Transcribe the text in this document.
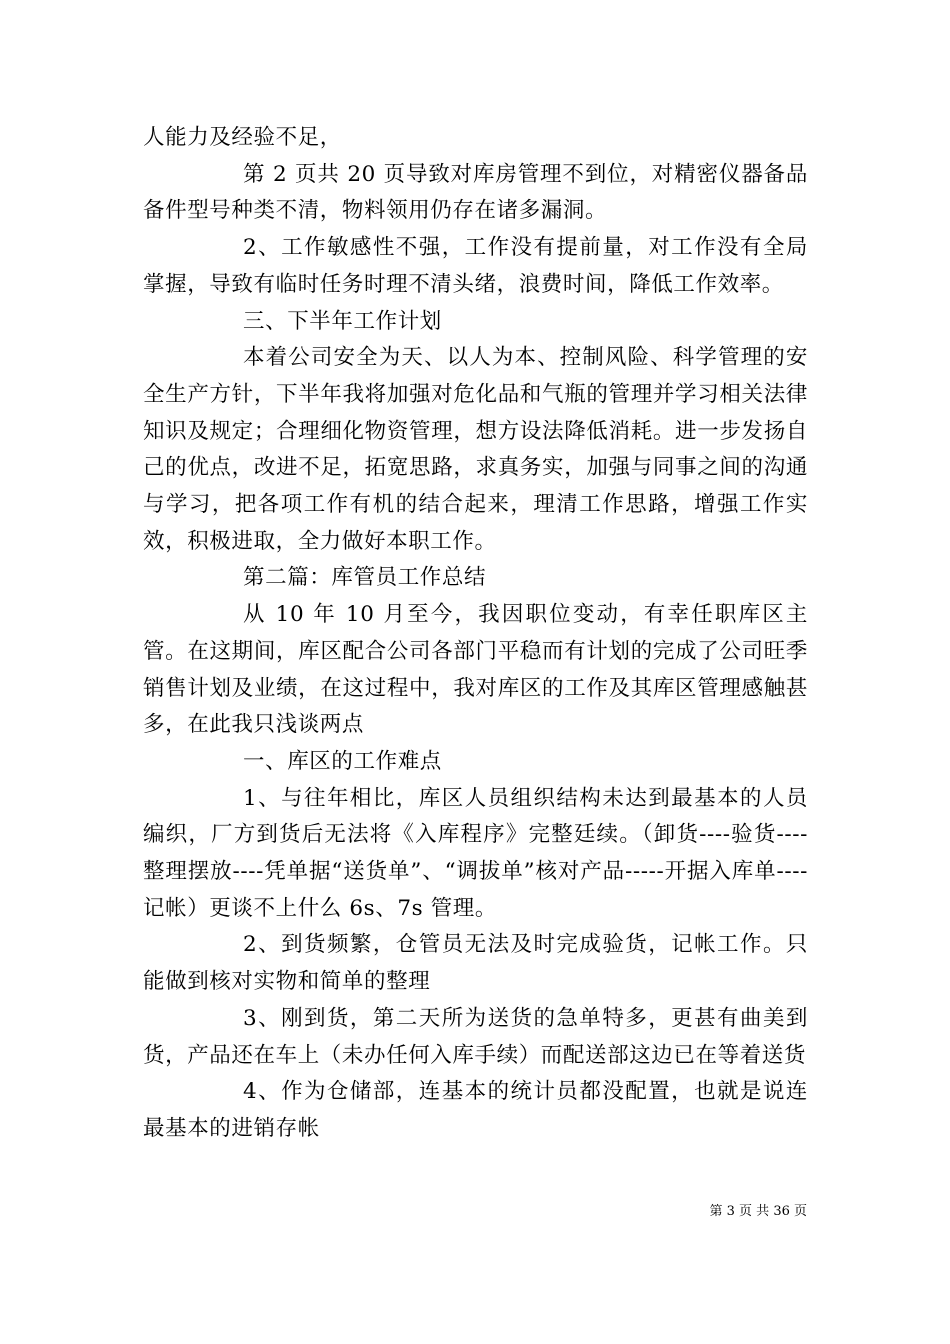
人能力及经验不足，

第 2 页共 20 页导致对库房管理不到位，对精密仪器备品备件型号种类不清，物料领用仍存在诸多漏洞。

2、工作敏感性不强，工作没有提前量，对工作没有全局掌握，导致有临时任务时理不清头绪，浪费时间，降低工作效率。

三、下半年工作计划

本着公司安全为天、以人为本、控制风险、科学管理的安全生产方针，下半年我将加强对危化品和气瓶的管理并学习相关法律知识及规定；合理细化物资管理，想方设法降低消耗。进一步发扬自己的优点，改进不足，拓宽思路，求真务实，加强与同事之间的沟通与学习，把各项工作有机的结合起来，理清工作思路，增强工作实效，积极进取，全力做好本职工作。

第二篇：库管员工作总结

从 10 年 10 月至今，我因职位变动，有幸任职库区主管。在这期间，库区配合公司各部门平稳而有计划的完成了公司旺季销售计划及业绩，在这过程中，我对库区的工作及其库区管理感触甚多，在此我只浅谈两点

一、库区的工作难点

1、与往年相比，库区人员组织结构未达到最基本的人员编织，厂方到货后无法将《入库程序》完整廷续。（卸货----验货----整理摆放----凭单据“送货单”、“调拔单”核对产品-----开据入库单----记帐）更谈不上什么 6s、7s 管理。

2、到货频繁，仓管员无法及时完成验货，记帐工作。只能做到核对实物和简单的整理

3、刚到货，第二天所为送货的急单特多，更甚有曲美到货，产品还在车上（未办任何入库手续）而配送部这边已在等着送货

4、作为仓储部，连基本的统计员都没配置，也就是说连最基本的进销存帐

第 3 页 共 36 页
